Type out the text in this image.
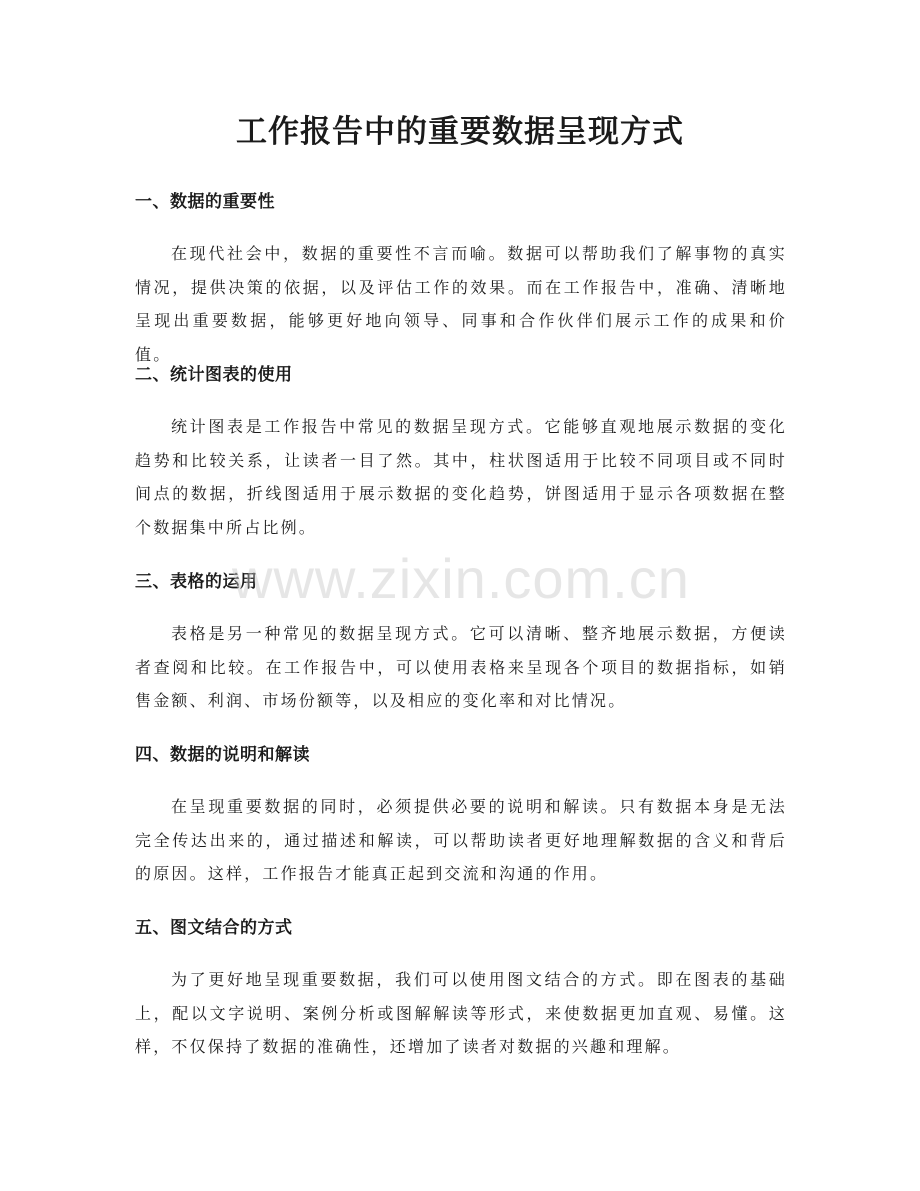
工作报告中的重要数据呈现方式
一、数据的重要性

在现代社会中，数据的重要性不言而喻。数据可以帮助我们了解事物的真实情况，提供决策的依据，以及评估工作的效果。而在工作报告中，准确、清晰地呈现出重要数据，能够更好地向领导、同事和合作伙伴们展示工作的成果和价值。

二、统计图表的使用

统计图表是工作报告中常见的数据呈现方式。它能够直观地展示数据的变化趋势和比较关系，让读者一目了然。其中，柱状图适用于比较不同项目或不同时间点的数据，折线图适用于展示数据的变化趋势，饼图适用于显示各项数据在整个数据集中所占比例。

三、表格的运用

表格是另一种常见的数据呈现方式。它可以清晰、整齐地展示数据，方便读者查阅和比较。在工作报告中，可以使用表格来呈现各个项目的数据指标，如销售金额、利润、市场份额等，以及相应的变化率和对比情况。

四、数据的说明和解读

在呈现重要数据的同时，必须提供必要的说明和解读。只有数据本身是无法完全传达出来的，通过描述和解读，可以帮助读者更好地理解数据的含义和背后的原因。这样，工作报告才能真正起到交流和沟通的作用。

五、图文结合的方式

为了更好地呈现重要数据，我们可以使用图文结合的方式。即在图表的基础上，配以文字说明、案例分析或图解解读等形式，来使数据更加直观、易懂。这样，不仅保持了数据的准确性，还增加了读者对数据的兴趣和理解。

www.zixin.com.cn
